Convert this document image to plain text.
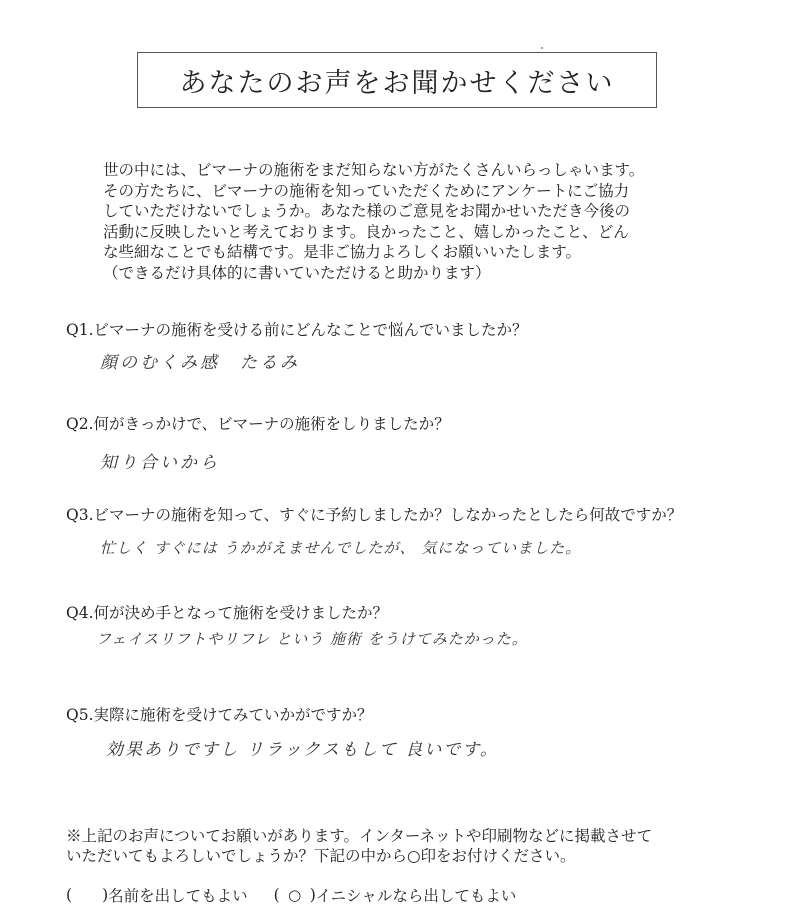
あなたのお声をお聞かせください
世の中には、ビマーナの施術をまだ知らない方がたくさんいらっしゃいます。
その方たちに、ビマーナの施術を知っていただくためにアンケートにご協力
していただけないでしょうか。あなた様のご意見をお聞かせいただき今後の
活動に反映したいと考えております。良かったこと、嬉しかったこと、どん
な些細なことでも結構です。是非ご協力よろしくお願いいたします。
（できるだけ具体的に書いていただけると助かります）
Q1.ビマーナの施術を受ける前にどんなことで悩んでいましたか？
顔のむくみ感　たるみ
Q2.何がきっかけで、ビマーナの施術をしりましたか？
知り合いから
Q3.ビマーナの施術を知って、すぐに予約しましたか？しなかったとしたら何故ですか？
忙しく すぐには うかがえませんでしたが、 気になっていました。
Q4.何が決め手となって施術を受けましたか？
フェイスリフトやリフレ という 施術 をうけてみたかった。
Q5.実際に施術を受けてみていかがですか？
効果ありですし リラックスもして 良いです。
※上記のお声についてお願いがあります。インターネットや印刷物などに掲載させて
いただいてもよろしいでしょうか？下記の中から○印をお付けください。
( ) 名前を出してもよい ( ○ ) イニシャルなら出してもよい
